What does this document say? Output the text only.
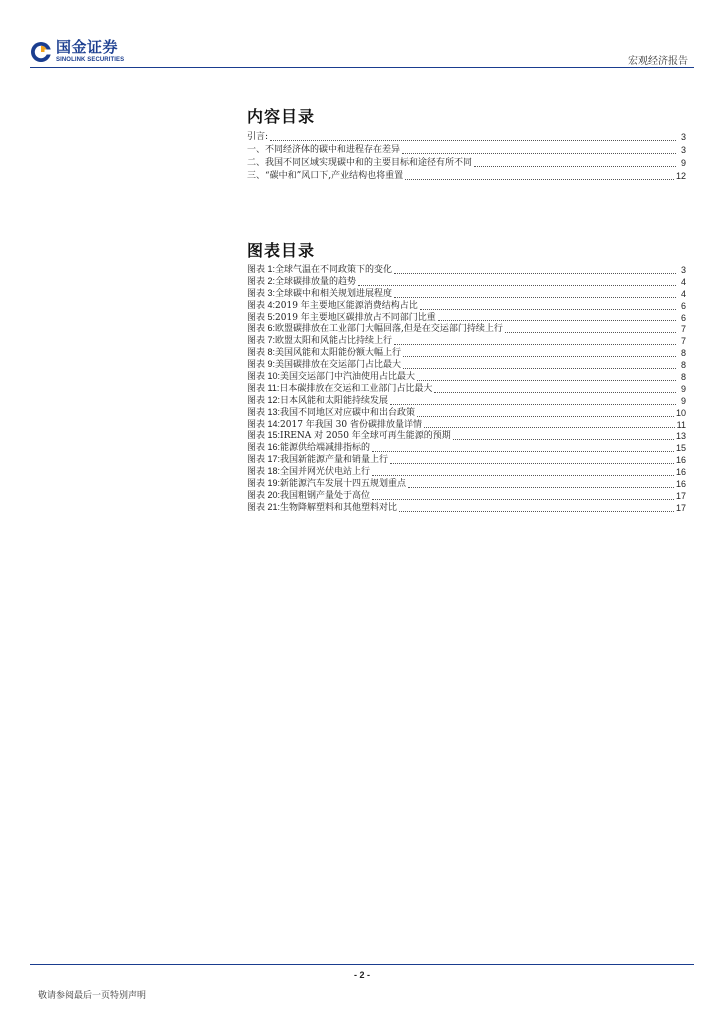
国金证券
SINOLINK SECURITIES	宏观经济报告
内容目录
引言:	3
一、不同经济体的碳中和进程存在差异	3
二、我国不同区域实现碳中和的主要目标和途径有所不同	9
三、“碳中和”风口下,产业结构也将重置	12
图表目录
图表 1:全球气温在不同政策下的变化	3
图表 2:全球碳排放量的趋势	4
图表 3:全球碳中和相关规划进展程度	4
图表 4:2019 年主要地区能源消费结构占比	6
图表 5:2019 年主要地区碳排放占不同部门比重	6
图表 6:欧盟碳排放在工业部门大幅回落,但是在交运部门持续上行	7
图表 7:欧盟太阳和风能占比持续上行	7
图表 8:美国风能和太阳能份额大幅上行	8
图表 9:美国碳排放在交运部门占比最大	8
图表 10:美国交运部门中汽油使用占比最大	8
图表 11:日本碳排放在交运和工业部门占比最大	9
图表 12:日本风能和太阳能持续发展	9
图表 13:我国不同地区对应碳中和出台政策	10
图表 14:2017 年我国 30 省份碳排放量详情	11
图表 15:IRENA 对 2050 年全球可再生能源的预期	13
图表 16:能源供给端减排指标的	15
图表 17:我国新能源产量和销量上行	16
图表 18:全国并网光伏电站上行	16
图表 19:新能源汽车发展十四五规划重点	16
图表 20:我国粗钢产量处于高位	17
图表 21:生物降解塑料和其他塑料对比	17
- 2 -
敬请参阅最后一页特别声明
